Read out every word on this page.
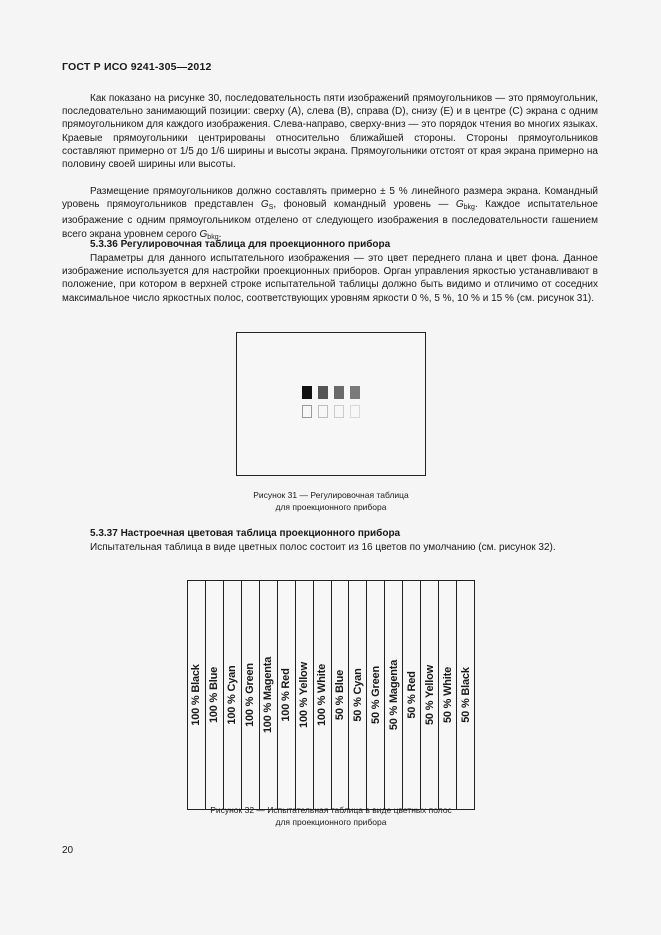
ГОСТ Р ИСО 9241-305—2012

Как показано на рисунке 30, последовательность пяти изображений прямоугольников — это прямоугольник, последовательно занимающий позиции: сверху (A), слева (B), справа (D), снизу (E) и в центре (C) экрана с одним прямоугольником для каждого изображения. Слева-направо, сверху-вниз — это порядок чтения во многих языках. Краевые прямоугольники центрированы относительно ближайшей стороны. Стороны прямоугольников составляют примерно от 1/5 до 1/6 ширины и высоты экрана. Прямоугольники отстоят от края экрана примерно на половину своей ширины или высоты.

Размещение прямоугольников должно составлять примерно ± 5 % линейного размера экрана. Командный уровень прямоугольников представлен $G_S$, фоновый командный уровень — $G_{bkg}$. Каждое испытательное изображение с одним прямоугольником отделено от следующего изображения в последовательности гашением всего экрана уровнем серого $G_{bkg}$.

5.3.36 Регулировочная таблица для проекционного прибора

Параметры для данного испытательного изображения — это цвет переднего плана и цвет фона. Данное изображение используется для настройки проекционных приборов. Орган управления яркостью устанавливают в положение, при котором в верхней строке испытательной таблицы должно быть видимо и отличимо от соседних максимальное число яркостных полос, соответствующих уровням яркости 0 %, 5 %, 10 % и 15 % (см. рисунок 31).

Рисунок 31 — Регулировочная таблица
для проекционного прибора
5.3.37 Настроечная цветовая таблица проекционного прибора

Испытательная таблица в виде цветных полос состоит из 16 цветов по умолчанию (см. рисунок 32).

100 % Black 100 % Blue 100 % Cyan 100 % Green 100 % Magenta 100 % Red 100 % Yellow 100 % White 50 % Blue 50 % Cyan 50 % Green 50 % Magenta 50 % Red 50 % Yellow 50 % White 50 % Black
Рисунок 32 — Испытательная таблица в виде цветных полос
для проекционного прибора
20
